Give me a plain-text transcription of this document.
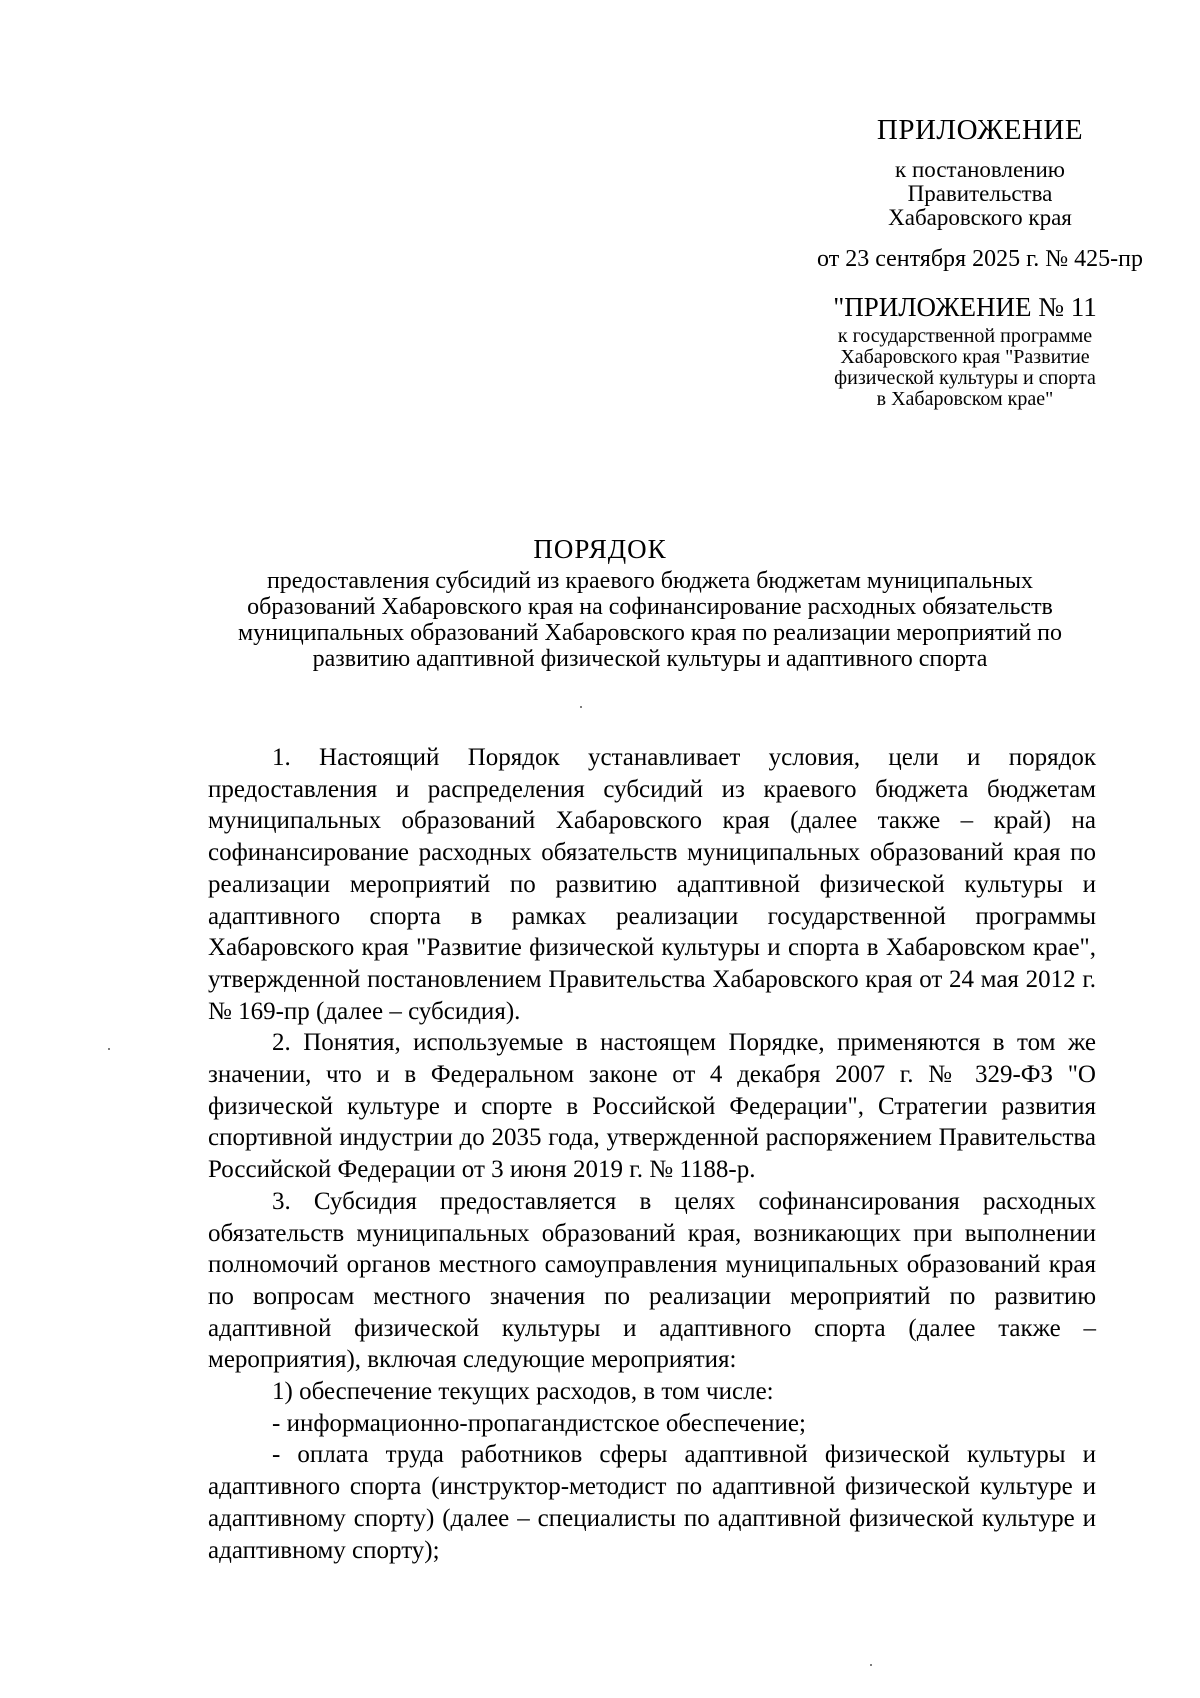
ПРИЛОЖЕНИЕ

к постановлению

Правительства

Хабаровского края

от 23 сентября 2025 г. № 425-пр

"ПРИЛОЖЕНИЕ № 11

к государственной программе

Хабаровского края "Развитие

физической культуры и спорта

в Хабаровском крае"

ПОРЯДОК

предоставления субсидий из краевого бюджета бюджетам муниципальных образований Хабаровского края на софинансирование расходных обязательств муниципальных образований Хабаровского края по реализации мероприятий по развитию адаптивной физической культуры и адаптивного спорта

1. Настоящий Порядок устанавливает условия, цели и порядок предоставления и распределения субсидий из краевого бюджета бюджетам муниципальных образований Хабаровского края (далее также – край) на софинансирование расходных обязательств муниципальных образований края по реализации мероприятий по развитию адаптивной физической культуры и адаптивного спорта в рамках реализации государственной программы Хабаровского края "Развитие физической культуры и спорта в Хабаровском крае", утвержденной постановлением Правительства Хабаровского края от 24 мая 2012 г. № 169-пр (далее – субсидия).

2. Понятия, используемые в настоящем Порядке, применяются в том же значении, что и в Федеральном законе от 4 декабря 2007 г. № 329-ФЗ "О физической культуре и спорте в Российской Федерации", Стратегии развития спортивной индустрии до 2035 года, утвержденной распоряжением Правительства Российской Федерации от 3 июня 2019 г. № 1188-р.

3. Субсидия предоставляется в целях софинансирования расходных обязательств муниципальных образований края, возникающих при выполнении полномочий органов местного самоуправления муниципальных образований края по вопросам местного значения по реализации мероприятий по развитию адаптивной физической культуры и адаптивного спорта (далее также – мероприятия), включая следующие мероприятия:

1) обеспечение текущих расходов, в том числе:

- информационно-пропагандистское обеспечение;

- оплата труда работников сферы адаптивной физической культуры и адаптивного спорта (инструктор-методист по адаптивной физической культуре и адаптивному спорту) (далее – специалисты по адаптивной физической культуре и адаптивному спорту);
